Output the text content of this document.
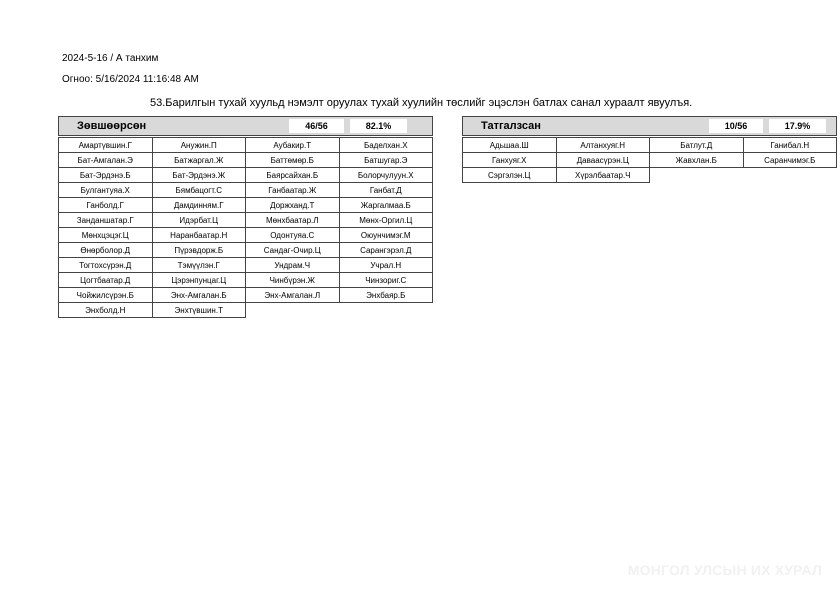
2024-5-16 / А танхим
Огноо: 5/16/2024 11:16:48 AM
53.Барилгын тухай хуульд нэмэлт оруулах тухай хуулийн төслийг эцэслэн батлах санал хураалт явуулъя.
Зөвшөөрсөн	46/56	82.1%
Амартүвшин.Г	Анужин.П	Аубакир.Т	Баделхан.Х
Бат-Амгалан.Э	Батжаргал.Ж	Баттөмөр.Б	Батшугар.Э
Бат-Эрдэнэ.Б	Бат-Эрдэнэ.Ж	Баярсайхан.Б	Болорчулуун.Х
Булгантуяа.Х	Бямбацогт.С	Ганбаатар.Ж	Ганбат.Д
Ганболд.Г	Дамдинням.Г	Доржханд.Т	Жаргалмаа.Б
Занданшатар.Г	Идэрбат.Ц	Мөнхбаатар.Л	Мөнх-Оргил.Ц
Мөнхцэцэг.Ц	Наранбаатар.Н	Одонтуяа.С	Оюунчимэг.М
Өнөрболор.Д	Пүрэвдорж.Б	Сандаг-Очир.Ц	Сарангэрэл.Д
Тогтохсүрэн.Д	Тэмүүлэн.Г	Ундрам.Ч	Учрал.Н
Цогтбаатар.Д	Цэрэнпунцаг.Ц	Чинбүрэн.Ж	Чинзориг.С
Чойжилсүрэн.Б	Энх-Амгалан.Б	Энх-Амгалан.Л	Энхбаяр.Б
Энхболд.Н	Энхтүвшин.Т
Татгалзсан	10/56	17.9%
Адьшаа.Ш	Алтанхуяг.Н	Батлут.Д	Ганибал.Н
Ганхуяг.Х	Даваасүрэн.Ц	Жавхлан.Б	Саранчимэг.Б
Сэргэлэн.Ц	Хүрэлбаатар.Ч
МОНГОЛ УЛСЫН ИХ ХУРАЛ
